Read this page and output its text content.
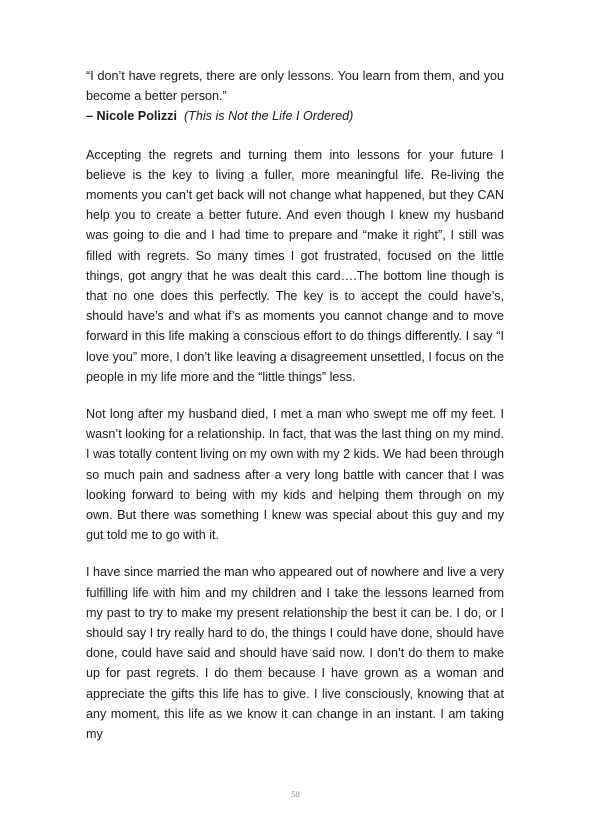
“I don’t have regrets, there are only lessons. You learn from them, and you become a better person.”

– Nicole Polizzi (This is Not the Life I Ordered)

Accepting the regrets and turning them into lessons for your future I believe is the key to living a fuller, more meaningful life. Re-living the moments you can’t get back will not change what happened, but they CAN help you to create a better future. And even though I knew my husband was going to die and I had time to prepare and “make it right”, I still was filled with regrets. So many times I got frustrated, focused on the little things, got angry that he was dealt this card….The bottom line though is that no one does this perfectly. The key is to accept the could have’s, should have’s and what if’s as moments you cannot change and to move forward in this life making a conscious effort to do things differently. I say “I love you” more, I don’t like leaving a disagreement unsettled, I focus on the people in my life more and the “little things” less.

Not long after my husband died, I met a man who swept me off my feet. I wasn’t looking for a relationship. In fact, that was the last thing on my mind. I was totally content living on my own with my 2 kids. We had been through so much pain and sadness after a very long battle with cancer that I was looking forward to being with my kids and helping them through on my own. But there was something I knew was special about this guy and my gut told me to go with it.

I have since married the man who appeared out of nowhere and live a very fulfilling life with him and my children and I take the lessons learned from my past to try to make my present relationship the best it can be. I do, or I should say I try really hard to do, the things I could have done, should have done, could have said and should have said now. I don’t do them to make up for past regrets. I do them because I have grown as a woman and appreciate the gifts this life has to give. I live consciously, knowing that at any moment, this life as we know it can change in an instant. I am taking my

58
